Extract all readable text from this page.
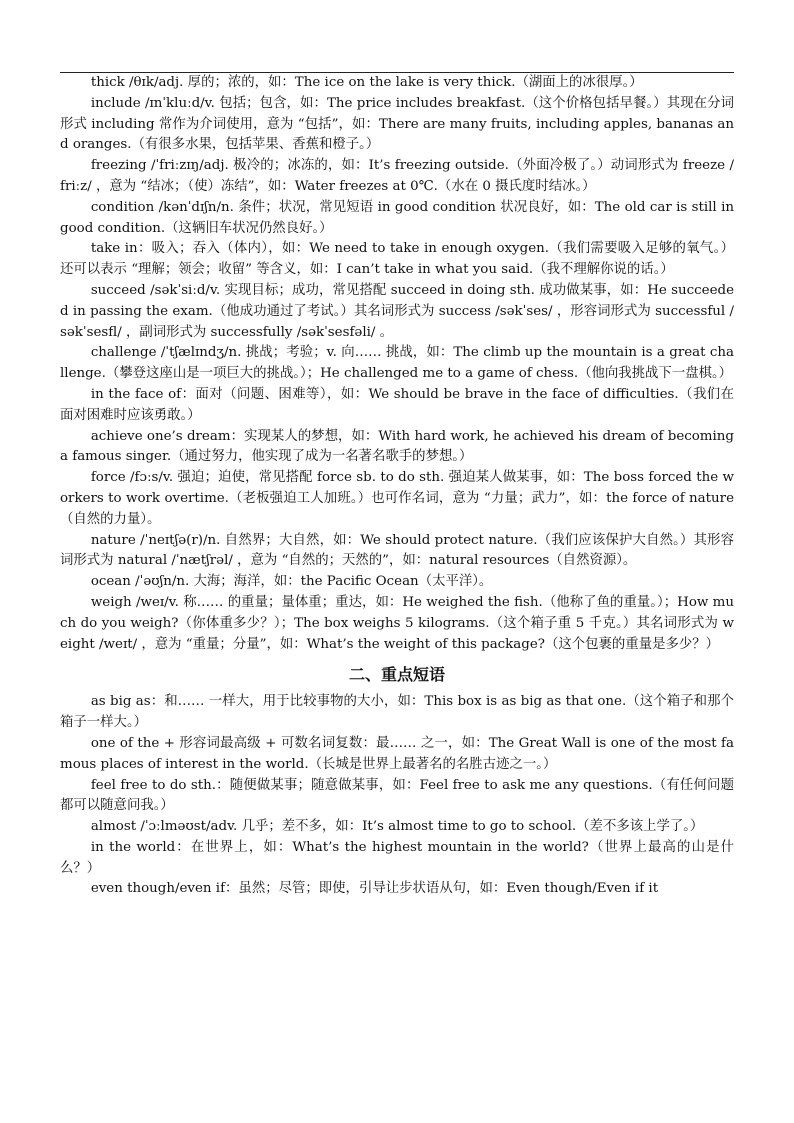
thick /θɪk/adj. 厚的；浓的，如：The ice on the lake is very thick.（湖面上的冰很厚。）

include /ɪnˈkluːd/v. 包括；包含，如：The price includes breakfast.（这个价格包括早餐。）其现在分词形式 including 常作为介词使用，意为 “包括”，如：There are many fruits, including apples, bananas and oranges.（有很多水果，包括苹果、香蕉和橙子。）

freezing /ˈfriːzɪŋ/adj. 极冷的；冰冻的，如：It’s freezing outside.（外面冷极了。）动词形式为 freeze /friːz/ ，意为 “结冰；（使）冻结”，如：Water freezes at 0℃.（水在 0 摄氏度时结冰。）

condition /kənˈdɪʃn/n. 条件；状况，常见短语 in good condition 状况良好，如：The old car is still in good condition.（这辆旧车状况仍然良好。）

take in：吸入；吞入（体内），如：We need to take in enough oxygen.（我们需要吸入足够的氧气。）还可以表示 “理解；领会；收留” 等含义，如：I can’t take in what you said.（我不理解你说的话。）

succeed /səkˈsiːd/v. 实现目标；成功，常见搭配 succeed in doing sth. 成功做某事，如：He succeeded in passing the exam.（他成功通过了考试。）其名词形式为 success /səkˈses/ ，形容词形式为 successful /səkˈsesfl/ ，副词形式为 successfully /səkˈsesfəli/ 。

challenge /ˈtʃælɪndʒ/n. 挑战；考验；v. 向…… 挑战，如：The climb up the mountain is a great challenge.（攀登这座山是一项巨大的挑战。）；He challenged me to a game of chess.（他向我挑战下一盘棋。）

in the face of：面对（问题、困难等），如：We should be brave in the face of difficulties.（我们在面对困难时应该勇敢。）

achieve one’s dream：实现某人的梦想，如：With hard work, he achieved his dream of becoming a famous singer.（通过努力，他实现了成为一名著名歌手的梦想。）

force /fɔːs/v. 强迫；迫使，常见搭配 force sb. to do sth. 强迫某人做某事，如：The boss forced the workers to work overtime.（老板强迫工人加班。）也可作名词，意为 “力量；武力”，如：the force of nature（自然的力量）。

nature /ˈneɪtʃə(r)/n. 自然界；大自然，如：We should protect nature.（我们应该保护大自然。）其形容词形式为 natural /ˈnætʃrəl/ ，意为 “自然的；天然的”，如：natural resources（自然资源）。

ocean /ˈəʊʃn/n. 大海；海洋，如：the Pacific Ocean（太平洋）。

weigh /weɪ/v. 称…… 的重量；量体重；重达，如：He weighed the fish.（他称了鱼的重量。）；How much do you weigh?（你体重多少？）；The box weighs 5 kilograms.（这个箱子重 5 千克。）其名词形式为 weight /weɪt/ ，意为 “重量；分量”，如：What’s the weight of this package?（这个包裹的重量是多少？）

二、重点短语

as big as：和…… 一样大，用于比较事物的大小，如：This box is as big as that one.（这个箱子和那个箱子一样大。）

one of the + 形容词最高级 + 可数名词复数：最…… 之一，如：The Great Wall is one of the most famous places of interest in the world.（长城是世界上最著名的名胜古迹之一。）

feel free to do sth.：随便做某事；随意做某事，如：Feel free to ask me any questions.（有任何问题都可以随意问我。）

almost /ˈɔːlməʊst/adv. 几乎；差不多，如：It’s almost time to go to school.（差不多该上学了。）

in the world：在世界上，如：What’s the highest mountain in the world?（世界上最高的山是什么？）

even though/even if：虽然；尽管；即使，引导让步状语从句，如：Even though/Even if it
